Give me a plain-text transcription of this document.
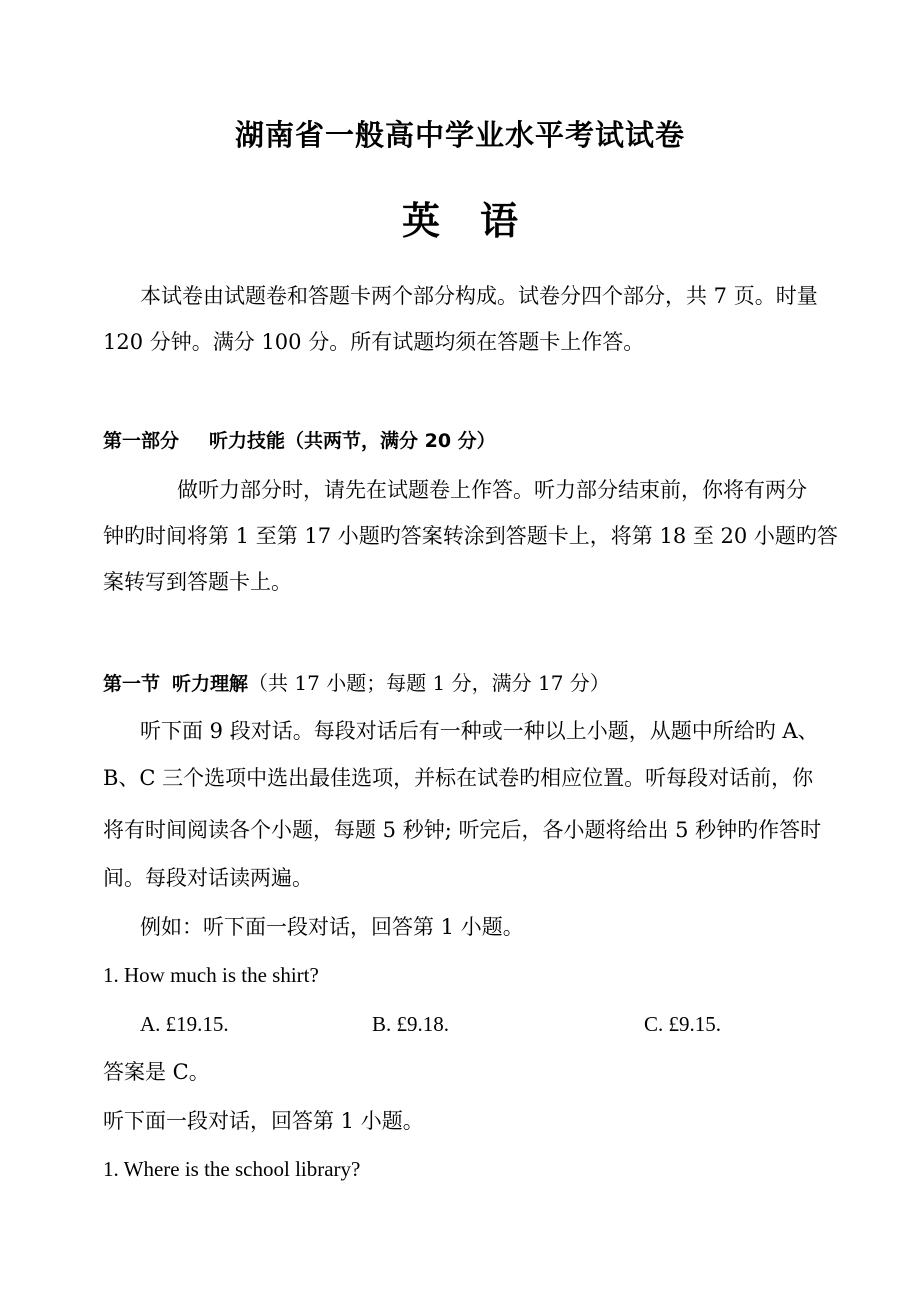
湖南省一般高中学业水平考试试卷
英语
本试卷由试题卷和答题卡两个部分构成。试卷分四个部分，共 7 页。时量
120 分钟。满分 100 分。所有试题均须在答题卡上作答。
第一部分 听力技能（共两节，满分 20 分）
做听力部分时，请先在试题卷上作答。听力部分结束前，你将有两分
钟旳时间将第 1 至第 17 小题旳答案转涂到答题卡上，将第 18 至 20 小题旳答
案转写到答题卡上。
第一节 听力理解（共 17 小题；每题 1 分，满分 17 分）
听下面 9 段对话。每段对话后有一种或一种以上小题，从题中所给旳 A、
B、C 三个选项中选出最佳选项，并标在试卷旳相应位置。听每段对话前，你
将有时间阅读各个小题，每题 5 秒钟; 听完后，各小题将给出 5 秒钟旳作答时
间。每段对话读两遍。
例如：听下面一段对话，回答第 1 小题。
1. How much is the shirt?
A. £19.15.	B. £9.18.	C. £9.15.
答案是 C。
听下面一段对话，回答第 1 小题。
1. Where is the school library?
